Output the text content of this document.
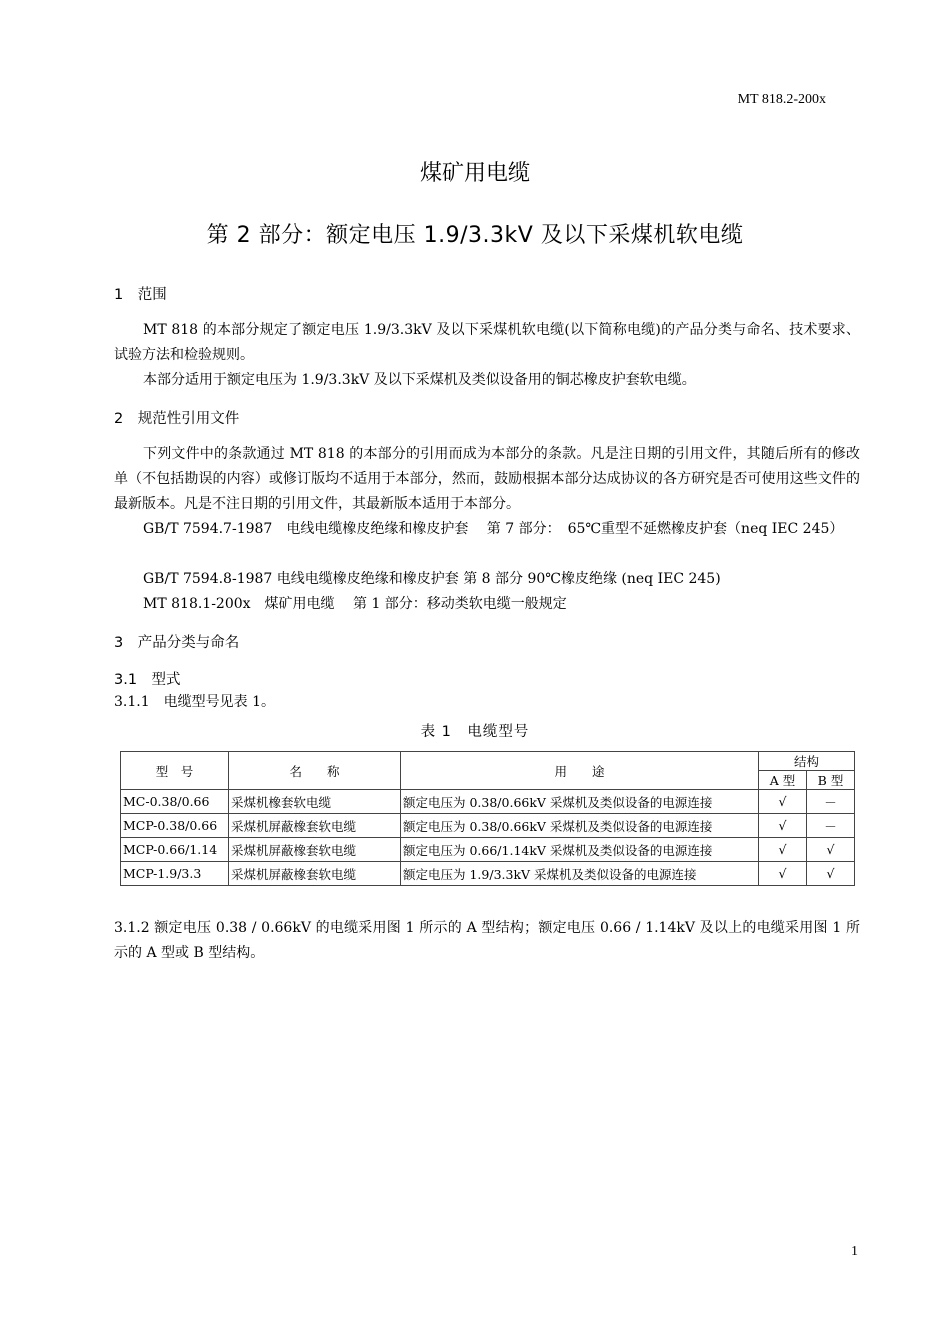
MT 818.2-200x
煤矿用电缆
第 2 部分：额定电压 1.9/3.3kV 及以下采煤机软电缆
1　范围
MT 818 的本部分规定了额定电压 1.9/3.3kV 及以下采煤机软电缆(以下简称电缆)的产品分类与命名、技术要求、试验方法和检验规则。
本部分适用于额定电压为 1.9/3.3kV 及以下采煤机及类似设备用的铜芯橡皮护套软电缆。
2　规范性引用文件
下列文件中的条款通过 MT 818 的本部分的引用而成为本部分的条款。凡是注日期的引用文件，其随后所有的修改单（不包括勘误的内容）或修订版均不适用于本部分，然而，鼓励根据本部分达成协议的各方研究是否可使用这些文件的最新版本。凡是不注日期的引用文件，其最新版本适用于本部分。
GB/T 7594.7-1987　电线电缆橡皮绝缘和橡皮护套　 第 7 部分：　65℃重型不延燃橡皮护套（neq IEC 245）
GB/T 7594.8-1987 电线电缆橡皮绝缘和橡皮护套 第 8 部分 90℃橡皮绝缘 (neq IEC 245)
MT 818.1-200x　煤矿用电缆　 第 1 部分：移动类软电缆一般规定
3　产品分类与命名
3.1　型式
3.1.1　电缆型号见表 1。
表 1　电缆型号
型　号	名　　称	用　　途	结构	
			A 型	B 型
MC-0.38/0.66	采煤机橡套软电缆	额定电压为 0.38/0.66kV 采煤机及类似设备的电源连接	√	－
MCP-0.38/0.66	采煤机屏蔽橡套软电缆	额定电压为 0.38/0.66kV 采煤机及类似设备的电源连接	√	－
MCP-0.66/1.14	采煤机屏蔽橡套软电缆	额定电压为 0.66/1.14kV 采煤机及类似设备的电源连接	√	√
MCP-1.9/3.3	采煤机屏蔽橡套软电缆	额定电压为 1.9/3.3kV 采煤机及类似设备的电源连接	√	√
3.1.2 额定电压 0.38 / 0.66kV 的电缆采用图 1 所示的 A 型结构；额定电压 0.66 / 1.14kV 及以上的电缆采用图 1 所示的 A 型或 B 型结构。
1
